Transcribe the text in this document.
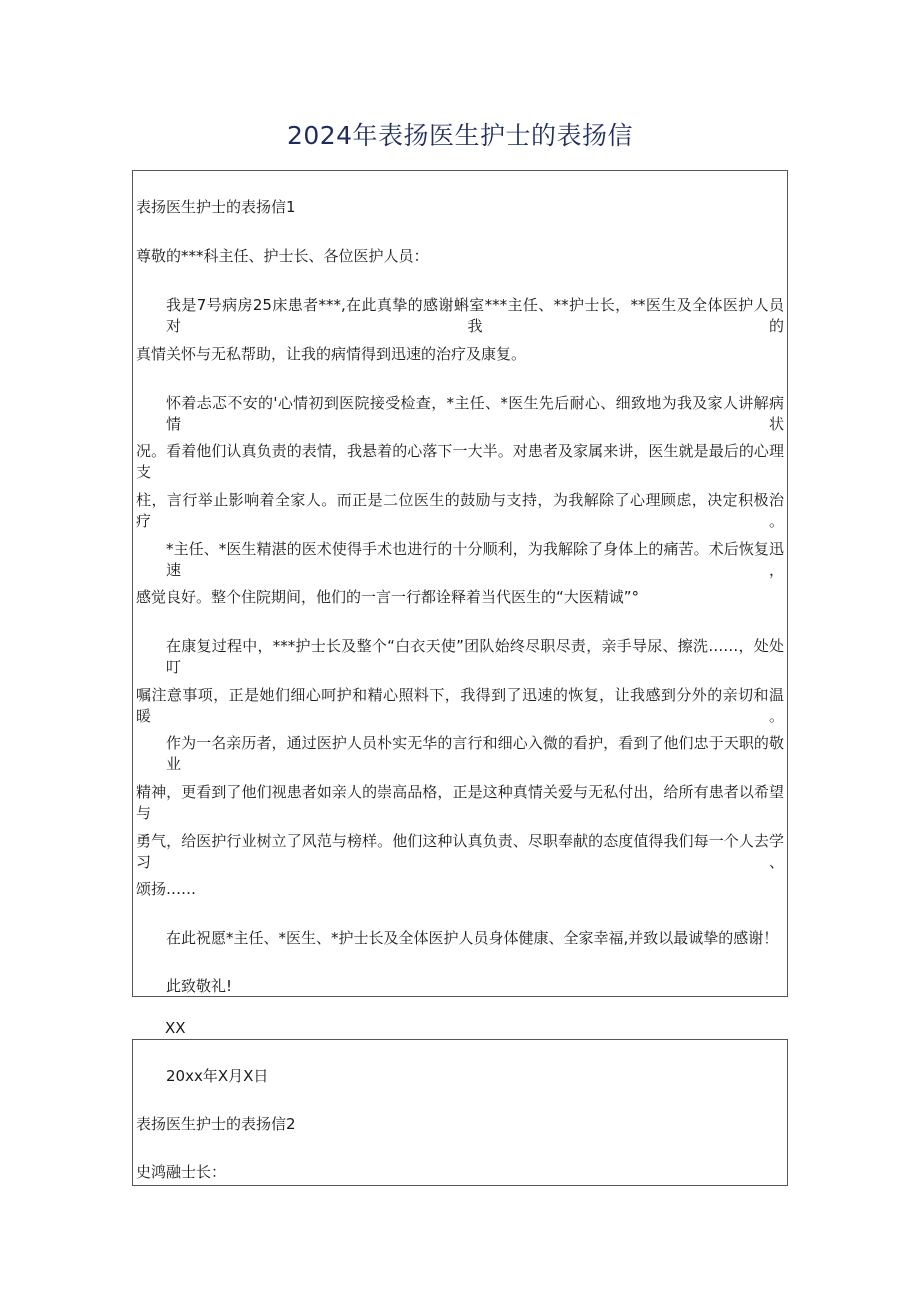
2024年表扬医生护士的表扬信
表扬医生护士的表扬信1
尊敬的***科主任、护士长、各位医护人员：
我是7号病房25床患者***,在此真挚的感谢蝌室***主任、**护士长，**医生及全体医护人员对我的
真情关怀与无私帮助，让我的病情得到迅速的治疗及康复。
怀着忐忑不安的'心情初到医院接受检查，*主任、*医生先后耐心、细致地为我及家人讲解病情状
况。看着他们认真负责的表情，我悬着的心落下一大半。对患者及家属来讲，医生就是最后的心理支
柱，言行举止影响着全家人。而正是二位医生的鼓励与支持，为我解除了心理顾虑，决定积极治疗。
*主任、*医生精湛的医术使得手术也进行的十分顺利，为我解除了身体上的痛苦。术后恢复迅速，
感觉良好。整个住院期间，他们的一言一行都诠释着当代医生的“大医精诚”°
在康复过程中，***护士长及整个“白衣天使”团队始终尽职尽责，亲手导尿、擦洗……，处处叮
嘱注意事项，正是她们细心呵护和精心照料下，我得到了迅速的恢复，让我感到分外的亲切和温暖。
作为一名亲历者，通过医护人员朴实无华的言行和细心入微的看护，看到了他们忠于天职的敬业
精神，更看到了他们视患者如亲人的崇高品格，正是这种真情关爱与无私付出，给所有患者以希望与
勇气，给医护行业树立了风范与榜样。他们这种认真负责、尽职奉献的态度值得我们每一个人去学习、
颂扬……
在此祝愿*主任、*医生、*护士长及全体医护人员身体健康、全家幸福,并致以最诚挚的感谢！
此致敬礼!
XX
20xx年X月X日
表扬医生护士的表扬信2
史鸿融士长：
